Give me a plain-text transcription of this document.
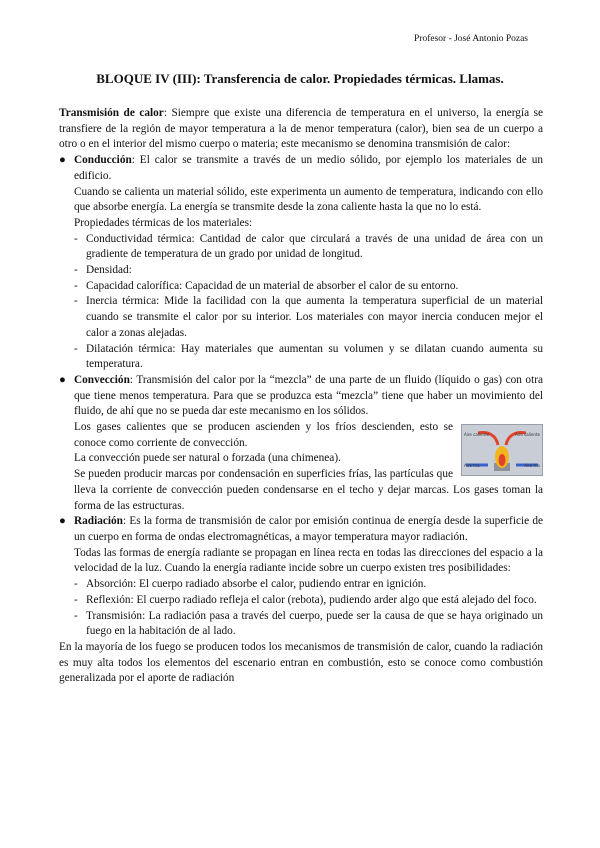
Profesor - José Antonio Pozas
BLOQUE IV (III): Transferencia de calor. Propiedades térmicas. Llamas.

Transmisión de calor: Siempre que existe una diferencia de temperatura en el universo, la energía se transfiere de la región de mayor temperatura a la de menor temperatura (calor), bien sea de un cuerpo a otro o en el interior del mismo cuerpo o materia; este mecanismo se denomina transmisión de calor:

● Conducción: El calor se transmite a través de un medio sólido, por ejemplo los materiales de un edificio.

Cuando se calienta un material sólido, este experimenta un aumento de temperatura, indicando con ello que absorbe energía. La energía se transmite desde la zona caliente hasta la que no lo está.

Propiedades térmicas de los materiales:

- Conductividad térmica: Cantidad de calor que circulará a través de una unidad de área con un gradiente de temperatura de un grado por unidad de longitud.
- Densidad:
- Capacidad calorífica: Capacidad de un material de absorber el calor de su entorno.
- Inercia térmica: Mide la facilidad con la que aumenta la temperatura superficial de un material cuando se transmite el calor por su interior. Los materiales con mayor inercia conducen mejor el calor a zonas alejadas.
- Dilatación térmica: Hay materiales que aumentan su volumen y se dilatan cuando aumenta su temperatura.
● Convección: Transmisión del calor por la “mezcla” de una parte de un fluido (líquido o gas) con otra que tiene menos temperatura. Para que se produzca esta “mezcla” tiene que haber un movimiento del fluido, de ahí que no se pueda dar este mecanismo en los sólidos.
Aire caliente	Aire caliente
Aire frío	Aire frío

Los gases calientes que se producen ascienden y los fríos descienden, esto se conoce como corriente de convección.

La convección puede ser natural o forzada (una chimenea).

Se pueden producir marcas por condensación en superficies frías, las partículas que lleva la corriente de convección pueden condensarse en el techo y dejar marcas. Los gases toman la forma de las estructuras.

● Radiación: Es la forma de transmisión de calor por emisión continua de energía desde la superficie de un cuerpo en forma de ondas electromagnéticas, a mayor temperatura mayor radiación.

Todas las formas de energía radiante se propagan en línea recta en todas las direcciones del espacio a la velocidad de la luz. Cuando la energía radiante incide sobre un cuerpo existen tres posibilidades:

- Absorción: El cuerpo radiado absorbe el calor, pudiendo entrar en ignición.
- Reflexión: El cuerpo radiado refleja el calor (rebota), pudiendo arder algo que está alejado del foco.
- Transmisión: La radiación pasa a través del cuerpo, puede ser la causa de que se haya originado un fuego en la habitación de al lado.

En la mayoría de los fuego se producen todos los mecanismos de transmisión de calor, cuando la radiación es muy alta todos los elementos del escenario entran en combustión, esto se conoce como combustión generalizada por el aporte de radiación
